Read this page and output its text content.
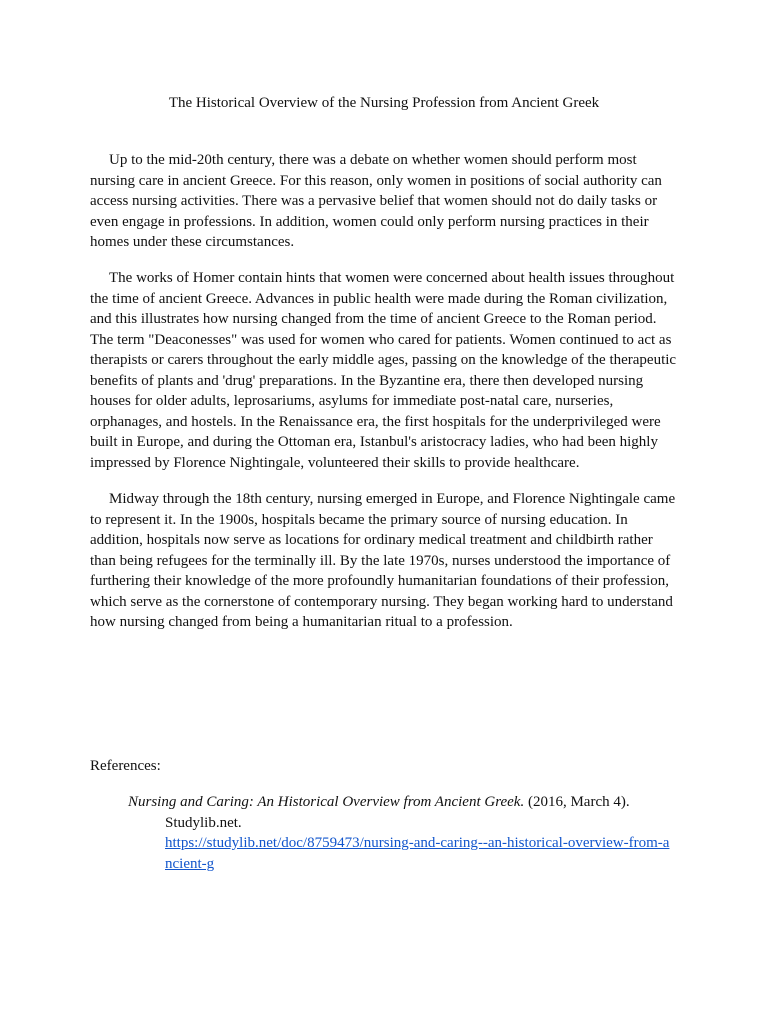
The Historical Overview of the Nursing Profession from Ancient Greek

Up to the mid-20th century, there was a debate on whether women should perform most nursing care in ancient Greece. For this reason, only women in positions of social authority can access nursing activities. There was a pervasive belief that women should not do daily tasks or even engage in professions. In addition, women could only perform nursing practices in their homes under these circumstances.

The works of Homer contain hints that women were concerned about health issues throughout the time of ancient Greece. Advances in public health were made during the Roman civilization, and this illustrates how nursing changed from the time of ancient Greece to the Roman period. The term "Deaconesses" was used for women who cared for patients. Women continued to act as therapists or carers throughout the early middle ages, passing on the knowledge of the therapeutic benefits of plants and 'drug' preparations. In the Byzantine era, there then developed nursing houses for older adults, leprosariums, asylums for immediate post-natal care, nurseries, orphanages, and hostels. In the Renaissance era, the first hospitals for the underprivileged were built in Europe, and during the Ottoman era, Istanbul's aristocracy ladies, who had been highly impressed by Florence Nightingale, volunteered their skills to provide healthcare.

Midway through the 18th century, nursing emerged in Europe, and Florence Nightingale came to represent it. In the 1900s, hospitals became the primary source of nursing education. In addition, hospitals now serve as locations for ordinary medical treatment and childbirth rather than being refugees for the terminally ill. By the late 1970s, nurses understood the importance of furthering their knowledge of the more profoundly humanitarian foundations of their profession, which serve as the cornerstone of contemporary nursing. They began working hard to understand how nursing changed from being a humanitarian ritual to a profession.

References:

Nursing and Caring: An Historical Overview from Ancient Greek. (2016, March 4).
Studylib.net.
https://studylib.net/doc/8759473/nursing-and-caring--an-historical-overview-from-a
ncient-g
